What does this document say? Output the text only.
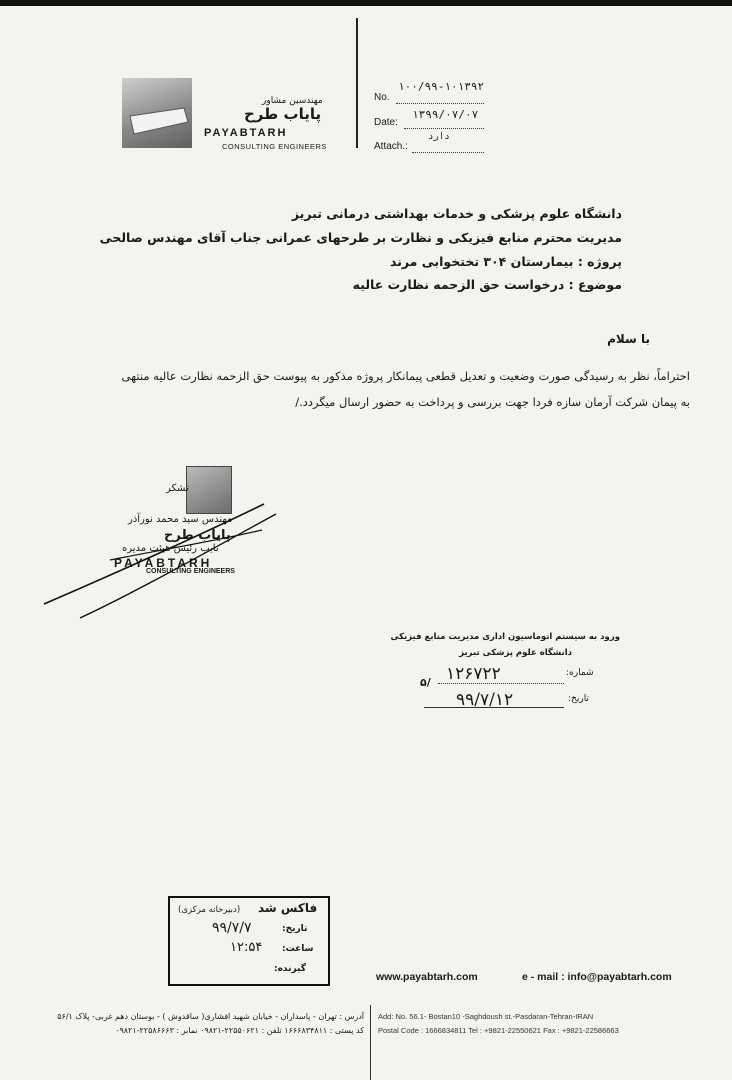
مهندسین مشاور
پایاب طرح
PAYABTARH
CONSULTING ENGINEERS
۱۰۰/۹۹-۱۰۱۳۹۲
No.
۱۳۹۹/۰۷/۰۷
Date:
دارد
Attach.:
دانشگاه علوم پزشکی و خدمات بهداشتی درمانی تبریز
مدیریت محترم منابع فیزیکی و نظارت بر طرحهای عمرانی جناب آقای مهندس صالحی
پروژه : بیمارستان ۳۰۴ تختخوابی مرند
موضوع : درخواست حق الزحمه نظارت عالیه
با سلام
احتراماً، نظر به رسیدگی صورت وضعیت و تعدیل قطعی پیمانکار پروژه مذکور به پیوست حق الزحمه نظارت عالیه منتهی
به پیمان شرکت آرمان سازه فردا جهت بررسی و پرداخت به حضور ارسال میگردد./
تشکر
مهندس سید محمد نورآذر
پایاب طرح
نایب رئیس هیئت مدیره
PAYABTARH
CONSULTING ENGINEERS
ورود به سیستم اتوماسیون اداری مدیریت منابع فیزیکی
دانشگاه علوم پزشکی تبریز
شماره:
۱۲۶۷۲۲
۵/
تاریخ:
۹۹/۷/۱۲
فاکس شد
(دبیرخانه مرکزی)
تاریخ:
۹۹/۷/۷
ساعت:
۱۲:۵۴
گیرنده:
www.payabtarh.com	e - mail : info@payabtarh.com
آدرس : تهران - پاسداران - خیابان شهید افشاری( ساقدوش ) - بوستان دهم غربی- پلاک ۵۶/۱
کد پستی : ۱۶۶۶۸۳۴۸۱۱ تلفن : ۲۲۵۵۰۶۲۱-۰۹۸۲۱ نمابر : ۲۲۵۸۶۶۶۳-۰۹۸۲۱
Add: No. 56.1- Bostan10 -Saghdoush st.-Pasdaran-Tehran-IRAN
Postal Code : 1666834811 Tel : +9821-22550621 Fax : +9821-22586663
